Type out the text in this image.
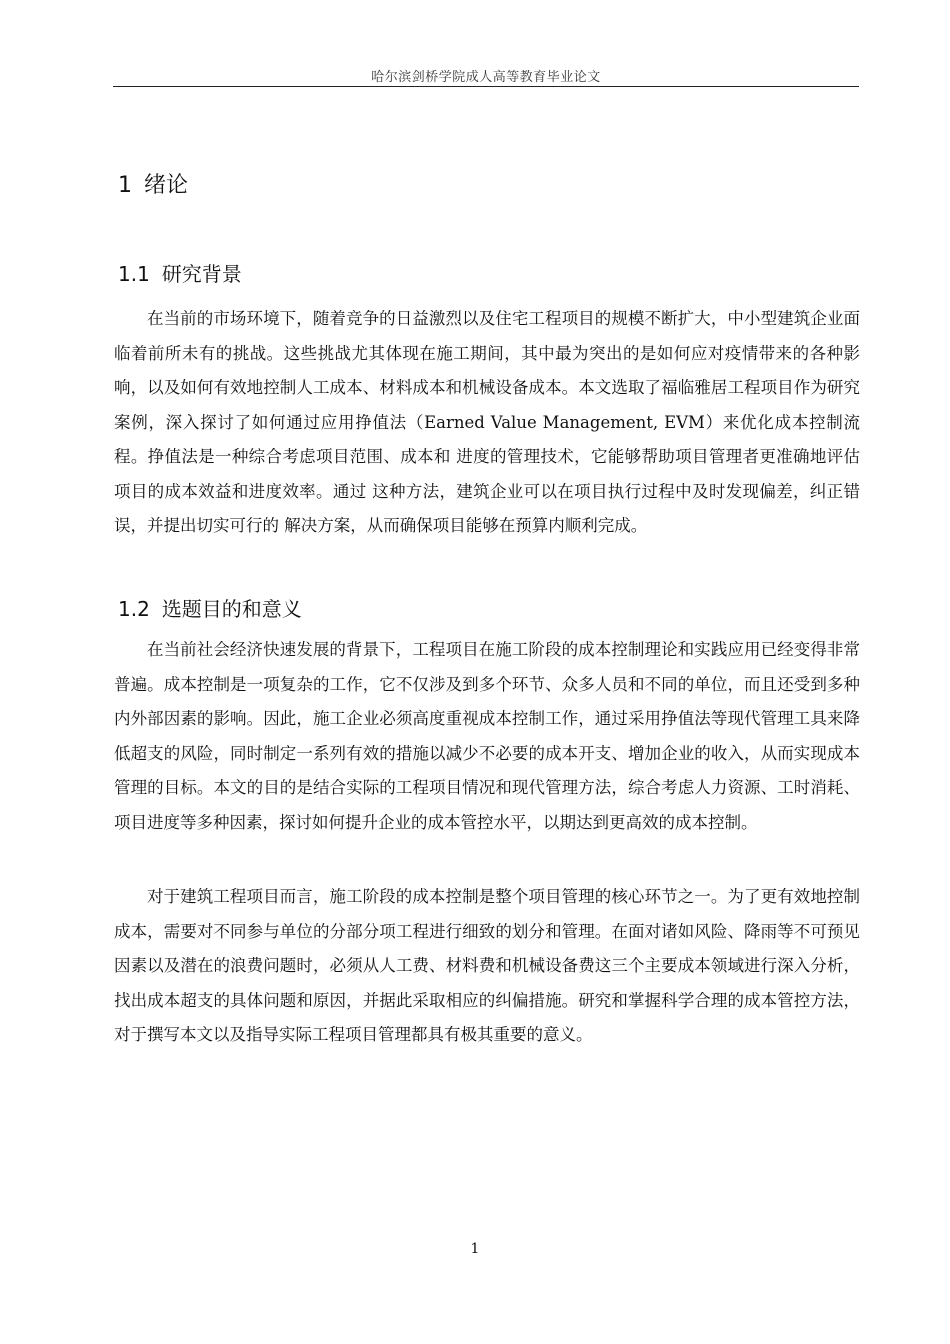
哈尔滨剑桥学院成人高等教育毕业论文
1 绪论
1.1 研究背景

在当前的市场环境下，随着竞争的日益激烈以及住宅工程项目的规模不断扩大，中小型建筑企业面临着前所未有的挑战。这些挑战尤其体现在施工期间，其中最为突出的是如何应对疫情带来的各种影响，以及如何有效地控制人工成本、材料成本和机械设备成本。本文选取了福临雅居工程项目作为研究案例，深入探讨了如何通过应用挣值法（Earned Value Management, EVM）来优化成本控制流程。挣值法是一种综合考虑项目范围、成本和 进度的管理技术，它能够帮助项目管理者更准确地评估项目的成本效益和进度效率。通过 这种方法，建筑企业可以在项目执行过程中及时发现偏差，纠正错误，并提出切实可行的 解决方案，从而确保项目能够在预算内顺利完成。

1.2 选题目的和意义

在当前社会经济快速发展的背景下，工程项目在施工阶段的成本控制理论和实践应用已经变得非常普遍。成本控制是一项复杂的工作，它不仅涉及到多个环节、众多人员和不同的单位，而且还受到多种内外部因素的影响。因此，施工企业必须高度重视成本控制工作，通过采用挣值法等现代管理工具来降低超支的风险，同时制定一系列有效的措施以减少不必要的成本开支、增加企业的收入，从而实现成本管理的目标。本文的目的是结合实际的工程项目情况和现代管理方法，综合考虑人力资源、工时消耗、项目进度等多种因素，探讨如何提升企业的成本管控水平，以期达到更高效的成本控制。

对于建筑工程项目而言，施工阶段的成本控制是整个项目管理的核心环节之一。为了更有效地控制成本，需要对不同参与单位的分部分项工程进行细致的划分和管理。在面对诸如风险、降雨等不可预见因素以及潜在的浪费问题时，必须从人工费、材料费和机械设备费这三个主要成本领域进行深入分析，找出成本超支的具体问题和原因，并据此采取相应的纠偏措施。研究和掌握科学合理的成本管控方法，对于撰写本文以及指导实际工程项目管理都具有极其重要的意义。

1
